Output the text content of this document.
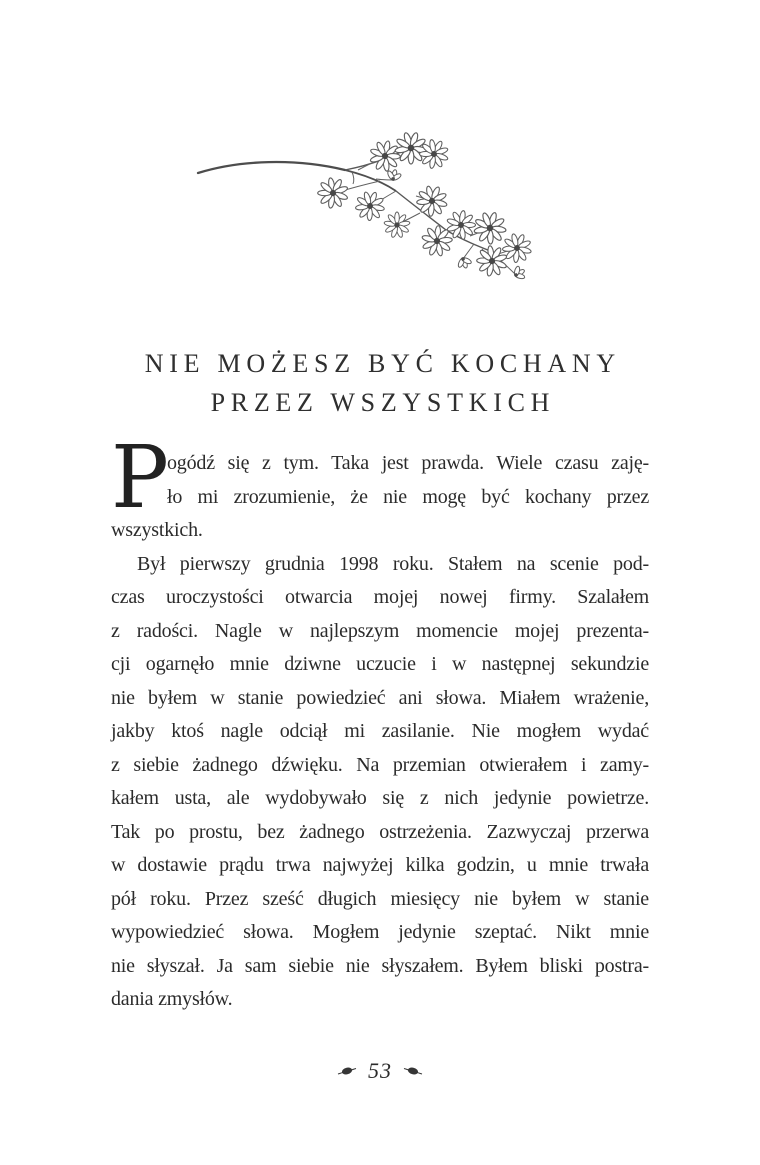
NIE MOŻESZ BYĆ KOCHANY
PRZEZ WSZYSTKICH
P
ogódź się z tym. Taka jest prawda. Wiele czasu zaję-
ło mi zrozumienie, że nie mogę być kochany przez
wszystkich.
Był pierwszy grudnia 1998 roku. Stałem na scenie pod-
czas uroczystości otwarcia mojej nowej firmy. Szalałem
z radości. Nagle w najlepszym momencie mojej prezenta-
cji ogarnęło mnie dziwne uczucie i w następnej sekundzie
nie byłem w stanie powiedzieć ani słowa. Miałem wrażenie,
jakby ktoś nagle odciął mi zasilanie. Nie mogłem wydać
z siebie żadnego dźwięku. Na przemian otwierałem i zamy-
kałem usta, ale wydobywało się z nich jedynie powietrze.
Tak po prostu, bez żadnego ostrzeżenia. Zazwyczaj przerwa
w dostawie prądu trwa najwyżej kilka godzin, u mnie trwała
pół roku. Przez sześć długich miesięcy nie byłem w stanie
wypowiedzieć słowa. Mogłem jedynie szeptać. Nikt mnie
nie słyszał. Ja sam siebie nie słyszałem. Byłem bliski postra-
dania zmysłów.
53
